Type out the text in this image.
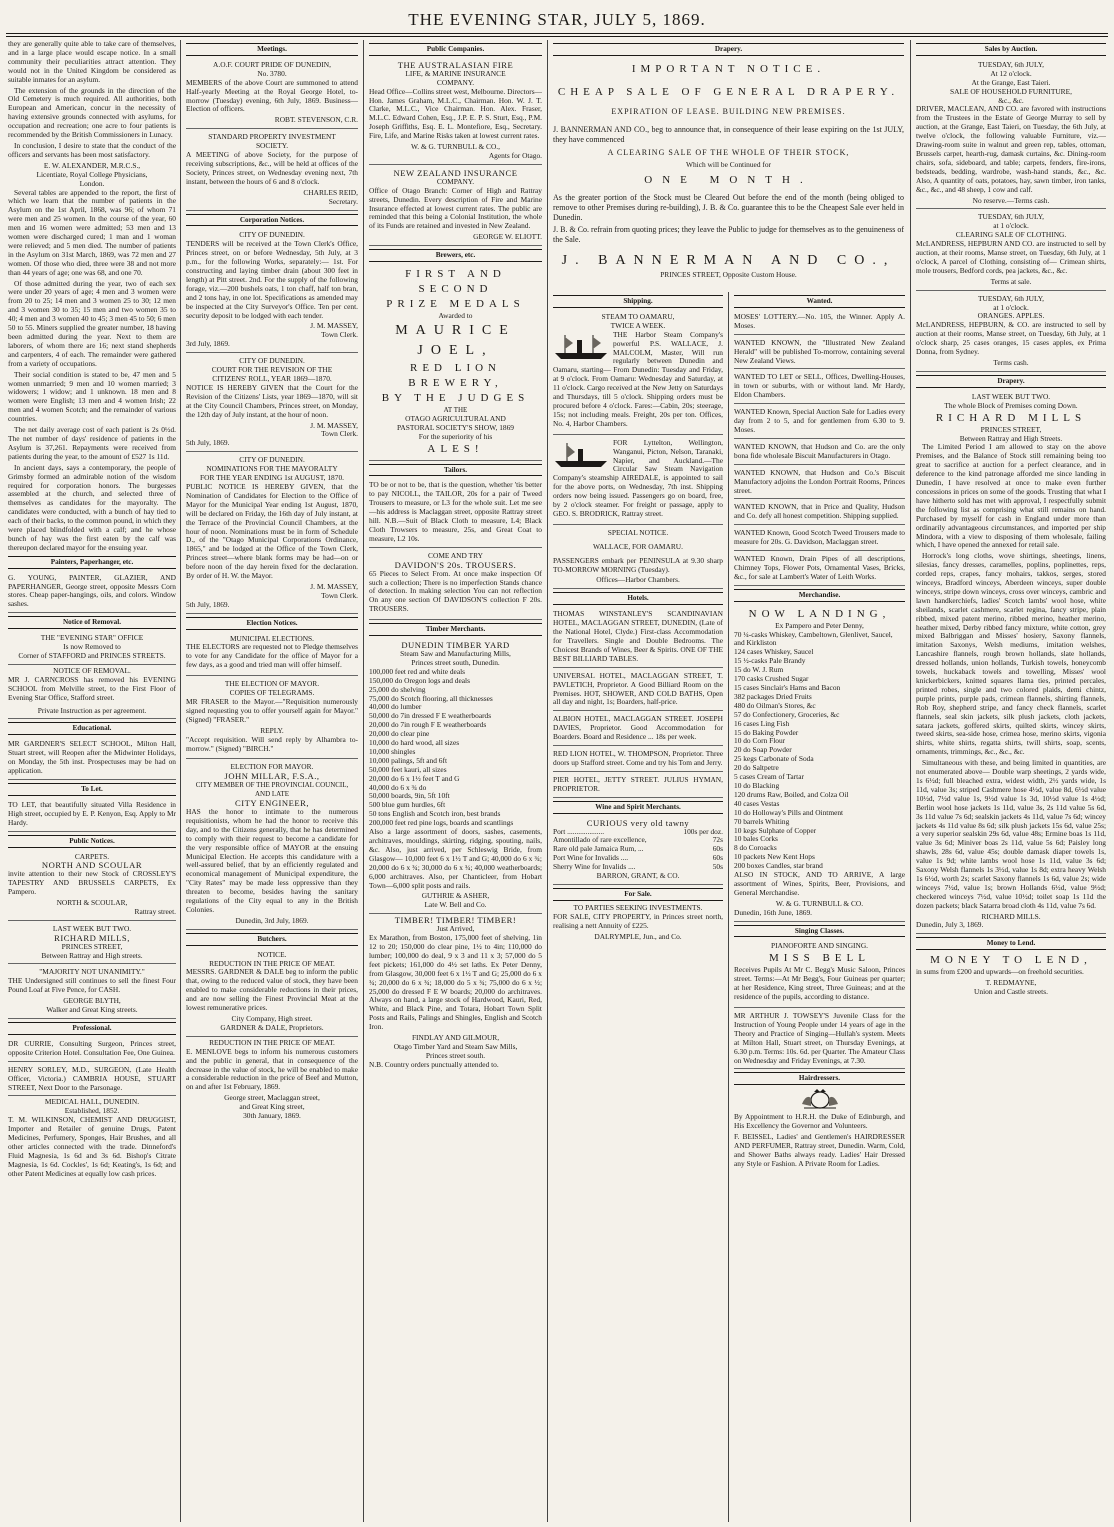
THE EVENING STAR, JULY 5, 1869.

they are generally quite able to take care of themselves, and in a large place would escape notice. In a small community their peculiarities attract attention. They would not in the United Kingdom be considered as suitable inmates for an asylum.

The extension of the grounds in the direction of the Old Cemetery is much required. All authorities, both European and American, concur in the necessity of having extensive grounds connected with asylums, for occupation and recreation; one acre to four patients is recommended by the British Commissioners in Lunacy.

In conclusion, I desire to state that the conduct of the officers and servants has been most satisfactory.

E. W. ALEXANDER, M.R.C.S.,
Licentiate, Royal College Physicians,
London.

Several tables are appended to the report, the first of which we learn that the number of patients in the Asylum on the 1st April, 1868, was 96; of whom 71 were men and 25 women. In the course of the year, 60 men and 16 women were admitted; 53 men and 13 women were discharged cured; 1 man and 1 woman were relieved; and 5 men died. The number of patients in the Asylum on 31st March, 1869, was 72 men and 27 women. Of those who died, three were 38 and not more than 44 years of age; one was 68, and one 70.

Of those admitted during the year, two of each sex were under 20 years of age; 4 men and 3 women were from 20 to 25; 14 men and 3 women 25 to 30; 12 men and 3 women 30 to 35; 15 men and two women 35 to 40; 4 men and 3 women 40 to 45; 3 men 45 to 50; 6 men 50 to 55. Miners supplied the greater number, 18 having been admitted during the year. Next to them are laborers, of whom there are 16; next stand shepherds and carpenters, 4 of each. The remainder were gathered from a variety of occupations.

Their social condition is stated to be, 47 men and 5 women unmarried; 9 men and 10 women married; 3 widowers; 1 widow; and 1 unknown. 18 men and 8 women were English; 13 men and 4 women Irish; 22 men and 4 women Scotch; and the remainder of various countries.

The net daily average cost of each patient is 2s 0½d. The net number of days' residence of patients in the Asylum is 37,261. Repayments were received from patients during the year, to the amount of £527 1s 11d.

In ancient days, says a contemporary, the people of Grimsby formed an admirable notion of the wisdom required for corporation honors. The burgesses assembled at the church, and selected three of themselves as candidates for the mayoralty. The candidates were conducted, with a bunch of hay tied to each of their backs, to the common pound, in which they were placed blindfolded with a calf; and he whose bunch of hay was the first eaten by the calf was thereupon declared mayor for the ensuing year.

Painters, Paperhanger, etc.

G. YOUNG, PAINTER, GLAZIER, AND PAPERHANGER, George street, opposite Messrs Corn stores. Cheap paper-hangings, oils, and colors. Window sashes.

Notice of Removal.
THE "EVENING STAR" OFFICE
Is now Removed to
Corner of STAFFORD and PRINCES STREETS.
NOTICE OF REMOVAL.

MR J. CARNCROSS has removed his EVENING SCHOOL from Melville street, to the First Floor of Evening Star Office, Stafford street.

Private Instruction as per agreement.
Educational.

MR GARDNER'S SELECT SCHOOL, Milton Hall, Stuart street, will Reopen after the Midwinter Holidays, on Monday, the 5th inst. Prospectuses may be had on application.

To Let.

TO LET, that beautifully situated Villa Residence in High street, occupied by E. P. Kenyon, Esq. Apply to Mr Hardy.

Public Notices.
CARPETS.
NORTH AND SCOULAR

invite attention to their new Stock of CROSSLEY'S TAPESTRY AND BRUSSELS CARPETS, Ex Pampero.

NORTH & SCOULAR,
Rattray street.
LAST WEEK BUT TWO.
RICHARD MILLS,
PRINCES STREET,
Between Rattray and High streets.
"MAJORITY NOT UNANIMITY."

THE Undersigned still continues to sell the finest Four Pound Loaf at Five Pence, for CASH.

GEORGE BLYTH,
Walker and Great King streets.
Professional.

DR CURRIE, Consulting Surgeon, Princes street, opposite Criterion Hotel. Consultation Fee, One Guinea.

HENRY SORLEY, M.D., SURGEON, (Late Health Officer, Victoria.) CAMBRIA HOUSE, STUART STREET, Next Door to the Parsonage.

MEDICAL HALL, DUNEDIN.
Established, 1852.

T. M. WILKINSON, CHEMIST AND DRUGGIST, Importer and Retailer of genuine Drugs, Patent Medicines, Perfumery, Sponges, Hair Brushes, and all other articles connected with the trade. Dinneford's Fluid Magnesia, 1s 6d and 3s 6d. Bishop's Citrate Magnesia, 1s 6d. Cockles', 1s 6d; Keating's, 1s 6d; and other Patent Medicines at equally low cash prices.

Meetings.
A.O.F. COURT PRIDE OF DUNEDIN,
No. 3780.

MEMBERS of the above Court are summoned to attend Half-yearly Meeting at the Royal George Hotel, to-morrow (Tuesday) evening, 6th July, 1869. Business—Election of officers.

ROBT. STEVENSON, C.R.
STANDARD PROPERTY INVESTMENT
SOCIETY.

A MEETING of above Society, for the purpose of receiving subscriptions, &c., will be held at offices of the Society, Princes street, on Wednesday evening next, 7th instant, between the hours of 6 and 8 o'clock.

CHARLES REID,
Secretary.
Corporation Notices.
CITY OF DUNEDIN.

TENDERS will be received at the Town Clerk's Office, Princes street, on or before Wednesday, 5th July, at 3 p.m., for the following Works, separately:— 1st. For constructing and laying timber drain (about 300 feet in length) at Pitt street. 2nd. For the supply of the following forage, viz.—200 bushels oats, 1 ton chaff, half ton bran, and 2 tons hay, in one lot. Specifications as amended may be inspected at the City Surveyor's Office. Ten per cent. security deposit to be lodged with each tender.

J. M. MASSEY,
Town Clerk.
3rd July, 1869.
CITY OF DUNEDIN.
COURT FOR THE REVISION OF THE
CITIZENS' ROLL, YEAR 1869—1870.

NOTICE IS HEREBY GIVEN that the Court for the Revision of the Citizens' Lists, year 1869—1870, will sit at the City Council Chambers, Princes street, on Monday, the 12th day of July instant, at the hour of noon.

J. M. MASSEY,
Town Clerk.
5th July, 1869.
CITY OF DUNEDIN.
NOMINATIONS FOR THE MAYORALTY
FOR THE YEAR ENDING 1st AUGUST, 1870.

PUBLIC NOTICE IS HEREBY GIVEN, that the Nomination of Candidates for Election to the Office of Mayor for the Municipal Year ending 1st August, 1870, will be declared on Friday, the 16th day of July instant, at the Terrace of the Provincial Council Chambers, at the hour of noon. Nominations must be in form of Schedule D., of the "Otago Municipal Corporations Ordinance, 1865," and be lodged at the Office of the Town Clerk, Princes street—where blank forms may be had—on or before noon of the day herein fixed for the declaration. By order of H. W. the Mayor.

J. M. MASSEY,
Town Clerk.
5th July, 1869.
Election Notices.
MUNICIPAL ELECTIONS.

THE ELECTORS are requested not to Pledge themselves to vote for any Candidate for the office of Mayor for a few days, as a good and tried man will offer himself.

THE ELECTION OF MAYOR.
COPIES OF TELEGRAMS.

MR FRASER to the Mayor.—"Requisition numerously signed requesting you to offer yourself again for Mayor." (Signed) "FRASER."

REPLY.

"Accept requisition. Will send reply by Alhambra to-morrow." (Signed) "BIRCH."

ELECTION FOR MAYOR.
JOHN MILLAR, F.S.A.,
CITY MEMBER OF THE PROVINCIAL COUNCIL,
AND LATE
CITY ENGINEER,

HAS the honor to intimate to the numerous requisitionists, whom he had the honor to receive this day, and to the Citizens generally, that he has determined to comply with their request to become a candidate for the very responsible office of MAYOR at the ensuing Municipal Election. He accepts this candidature with a well-assured belief, that by an efficiently regulated and economical management of Municipal expenditure, the "City Rates" may be made less oppressive than they threaten to become, besides having the sanitary regulations of the City equal to any in the British Colonies.

Dunedin, 3rd July, 1869.
Butchers.
NOTICE.
REDUCTION IN THE PRICE OF MEAT.

MESSRS. GARDNER & DALE beg to inform the public that, owing to the reduced value of stock, they have been enabled to make considerable reductions in their prices, and are now selling the Finest Provincial Meat at the lowest remunerative prices.

City Company, High street.
GARDNER & DALE, Proprietors.
REDUCTION IN THE PRICE OF MEAT.

E. MENLOVE begs to inform his numerous customers and the public in general, that in consequence of the decrease in the value of stock, he will be enabled to make a considerable reduction in the price of Beef and Mutton, on and after 1st February, 1869.

George street, Maclaggan street,
and Great King street,
30th January, 1869.
Public Companies.
THE AUSTRALASIAN FIRE
LIFE, & MARINE INSURANCE
COMPANY.

Head Office—Collins street west, Melbourne. Directors—Hon. James Graham, M.L.C., Chairman. Hon. W. J. T. Clarke, M.L.C., Vice Chairman. Hon. Alex. Fraser, M.L.C. Edward Cohen, Esq., J.P. E. P. S. Sturt, Esq., P.M. Joseph Griffiths, Esq. E. L. Montefiore, Esq., Secretary. Fire, Life, and Marine Risks taken at lowest current rates.

W. & G. TURNBULL & CO.,
Agents for Otago.
NEW ZEALAND INSURANCE
COMPANY.

Office of Otago Branch: Corner of High and Rattray streets, Dunedin. Every description of Fire and Marine Insurance effected at lowest current rates. The public are reminded that this being a Colonial Institution, the whole of its Funds are retained and invested in New Zealand.

GEORGE W. ELIOTT.
Brewers, etc.
FIRST AND SECOND
PRIZE MEDALS
Awarded to
MAURICE JOEL,
RED LION BREWERY,
BY THE JUDGES
AT THE
OTAGO AGRICULTURAL AND
PASTORAL SOCIETY'S SHOW, 1869
For the superiority of his
ALES!
Tailors.

TO be or not to be, that is the question, whether 'tis better to pay NICOLL, the TAILOR, 20s for a pair of Tweed Trousers to measure, or L3 for the whole suit. Let me see—his address is Maclaggan street, opposite Rattray street hill. N.B.—Suit of Black Cloth to measure, L4; Black Cloth Trowsers to measure, 25s, and Great Coat to measure, L2 10s.

COME AND TRY
DAVIDON'S 20s. TROUSERS.

65 Pieces to Select From. At once make inspection Of such a collection; There is no imperfection Stands chance of detection. In making selection You can not reflection On any one section Of DAVIDSON'S collection F 20s. TROUSERS.

Timber Merchants.
DUNEDIN TIMBER YARD
Steam Saw and Manufacturing Mills,
Princes street south, Dunedin.
100,000 feet red and white deals
150,000 do Oregon logs and deals
25,000 do shelving
75,000 do Scotch flooring, all thicknesses
40,000 do lumber
50,000 do 7in dressed F E weatherboards
20,000 do 7in rough F E weatherboards
20,000 do clear pine
10,000 do hard wood, all sizes
10,000 shingles
10,000 palings, 5ft and 6ft
50,000 feet kauri, all sizes
20,000 do 6 x 1½ feet T and G
40,000 do 6 x ¾ do
50,000 boards, 9in, 5ft 10ft
500 blue gum hurdles, 6ft
50 tons English and Scotch iron, best brands
200,000 feet red pine logs, boards and scantlings

Also a large assortment of doors, sashes, casements, architraves, mouldings, skirting, ridging, spouting, nails, &c. Also, just arrived, per Schleswig Bride, from Glasgow— 10,000 feet 6 x 1½ T and G; 40,000 do 6 x ¾; 20,000 do 6 x ¾; 30,000 do 6 x ¾; 40,000 weatherboards; 6,000 architraves. Also, per Chanticleer, from Hobart Town—6,000 split posts and rails.

GUTHRIE & ASHER,
Late W. Bell and Co.
TIMBER! TIMBER! TIMBER!
Just Arrived,

Ex Marathon, from Boston, 175,000 feet of shelving, 1in 12 to 20; 150,000 do clear pine, 1½ to 4in; 110,000 do lumber; 100,000 do deal, 9 x 3 and 11 x 3; 57,000 do 5 feet pickets; 161,000 do 4½ set laths. Ex Peter Denny, from Glasgow, 30,000 feet 6 x 1½ T and G; 25,000 do 6 x ¾; 20,000 do 6 x ¾; 18,000 do 5 x ¾; 75,000 do 6 x ½; 25,000 do dressed F E W boards; 20,000 do architraves. Always on hand, a large stock of Hardwood, Kauri, Red, White, and Black Pine, and Totara, Hobart Town Split Posts and Rails, Palings and Shingles, English and Scotch Iron.

FINDLAY AND GILMOUR,
Otago Timber Yard and Steam Saw Mills,
Princes street south.
N.B. Country orders punctually attended to.
Drapery.
IMPORTANT NOTICE.
CHEAP SALE OF GENERAL DRAPERY.
EXPIRATION OF LEASE. BUILDING NEW PREMISES.

J. BANNERMAN AND CO., beg to announce that, in consequence of their lease expiring on the 1st JULY, they have commenced

A CLEARING SALE OF THE WHOLE OF THEIR STOCK,
Which will be Continued for
ONE MONTH.

As the greater portion of the Stock must be Cleared Out before the end of the month (being obliged to remove to other Premises during re-building), J. B. & Co. guarantee this to be the Cheapest Sale ever held in Dunedin.

J. B. & Co. refrain from quoting prices; they leave the Public to judge for themselves as to the genuineness of the Sale.

J. BANNERMAN AND CO.,
PRINCES STREET, Opposite Custom House.
Shipping.
STEAM TO OAMARU,
TWICE A WEEK.

THE Harbor Steam Company's powerful P.S. WALLACE, J. MALCOLM, Master, Will run regularly between Dunedin and Oamaru, starting— From Dunedin: Tuesday and Friday, at 9 o'clock. From Oamaru: Wednesday and Saturday, at 11 o'clock. Cargo received at the New Jetty on Saturdays and Thursdays, till 5 o'clock. Shipping orders must be procured before 4 o'clock. Fares:—Cabin, 20s; steerage, 15s; not including meals. Freight, 20s per ton. Offices, No. 4, Harbor Chambers.

FOR Lyttelton, Wellington, Wanganui, Picton, Nelson, Taranaki, Napier, and Auckland.—The Circular Saw Steam Navigation Company's steamship AIREDALE, is appointed to sail for the above ports, on Wednesday, 7th inst. Shipping orders now being issued. Passengers go on board, free, by 2 o'clock steamer. For freight or passage, apply to GEO. S. BRODRICK, Rattray street.

SPECIAL NOTICE.
WALLACE, FOR OAMARU.

PASSENGERS embark per PENINSULA at 9.30 sharp TO-MORROW MORNING (Tuesday).

Offices—Harbor Chambers.
Hotels.

THOMAS WINSTANLEY'S SCANDINAVIAN HOTEL, MACLAGGAN STREET, DUNEDIN, (Late of the National Hotel, Clyde.) First-class Accommodation for Travellers. Single and Double Bedrooms. The Choicest Brands of Wines, Beer & Spirits. ONE OF THE BEST BILLIARD TABLES.

UNIVERSAL HOTEL, MACLAGGAN STREET, T. PAVLETICH, Proprietor. A Good Billiard Room on the Premises. HOT, SHOWER, AND COLD BATHS, Open all day and night, 1s; Boarders, half-price.

ALBION HOTEL, MACLAGGAN STREET. JOSEPH DAVIES, Proprietor. Good Accommodation for Boarders. Board and Residence ... 18s per week.

RED LION HOTEL, W. THOMPSON, Proprietor. Three doors up Stafford street. Come and try his Tom and Jerry.

PIER HOTEL, JETTY STREET. JULIUS HYMAN, PROPRIETOR.

Wine and Spirit Merchants.
CURIOUS very old tawny
Port ....................	100s per doz.
Amontillado of rare excellence,	72s
Rare old pale Jamaica Rum, ...	60s
Port Wine for Invalids ....	60s
Sherry Wine for Invalids ....	50s
BARRON, GRANT, & CO.
For Sale.
TO PARTIES SEEKING INVESTMENTS.

FOR SALE, CITY PROPERTY, in Princes street north, realising a nett Annuity of £225.

DALRYMPLE, Jun., and Co.
Wanted.

MOSES' LOTTERY.—No. 105, the Winner. Apply A. Moses.

WANTED KNOWN, the "Illustrated New Zealand Herald" will be published To-morrow, containing several New Zealand Views.

WANTED TO LET or SELL, Offices, Dwelling-Houses, in town or suburbs, with or without land. Mr Hardy, Eldon Chambers.

WANTED Known, Special Auction Sale for Ladies every day from 2 to 5, and for gentlemen from 6.30 to 9. Moses.

WANTED KNOWN, that Hudson and Co. are the only bona fide wholesale Biscuit Manufacturers in Otago.

WANTED KNOWN, that Hudson and Co.'s Biscuit Manufactory adjoins the London Portrait Rooms, Princes street.

WANTED KNOWN, that in Price and Quality, Hudson and Co. defy all honest competition. Shipping supplied.

WANTED Known, Good Scotch Tweed Trousers made to measure for 20s. G. Davidson, Maclaggan street.

WANTED Known, Drain Pipes of all descriptions, Chimney Tops, Flower Pots, Ornamental Vases, Bricks, &c., for sale at Lambert's Water of Leith Works.

Merchandise.
NOW LANDING,
Ex Pampero and Peter Denny,
70 ¼-casks Whiskey, Cambeltown, Glenlivet, Saucel, and Kirkliston
124 cases Whiskey, Saucel
15 ½-casks Pale Brandy
15 do W. J. Rum
170 casks Crushed Sugar
15 cases Sinclair's Hams and Bacon
382 packages Dried Fruits
480 do Oilman's Stores, &c
57 do Confectionery, Groceries, &c
16 cases Ling Fish
15 do Baking Powder
10 do Corn Flour
20 do Soap Powder
25 kegs Carbonate of Soda
20 do Saltpetre
5 cases Cream of Tartar
10 do Blacking
120 drums Raw, Boiled, and Colza Oil
40 cases Vestas
10 do Holloway's Pills and Ointment
70 barrels Whiting
10 kegs Sulphate of Copper
10 bales Corks
8 do Coroacks
10 packets New Kent Hops
200 boxes Candles, star brand

ALSO IN STOCK, AND TO ARRIVE, A large assortment of Wines, Spirits, Beer, Provisions, and General Merchandise.

W. & G. TURNBULL & CO.
Dunedin, 16th June, 1869.
Singing Classes.
PIANOFORTE AND SINGING.
MISS BELL

Receives Pupils At Mr C. Begg's Music Saloon, Princes street. Terms:—At Mr Begg's, Four Guineas per quarter; at her Residence, King street, Three Guineas; and at the residence of the pupils, according to distance.

MR ARTHUR J. TOWSEY'S Juvenile Class for the Instruction of Young People under 14 years of age in the Theory and Practice of Singing—Hullah's system. Meets at Milton Hall, Stuart street, on Thursday Evenings, at 6.30 p.m. Terms: 10s. 6d. per Quarter. The Amateur Class on Wednesday and Friday Evenings, at 7.30.

Hairdressers.

By Appointment to H.R.H. the Duke of Edinburgh, and His Excellency the Governor and Volunteers.

F. BEISSEL, Ladies' and Gentlemen's HAIRDRESSER AND PERFUMER, Rattray street, Dunedin. Warm, Cold, and Shower Baths always ready. Ladies' Hair Dressed any Style or Fashion. A Private Room for Ladies.

Sales by Auction.
TUESDAY, 6th JULY,
At 12 o'clock.
At the Grange, East Taieri.
SALE OF HOUSEHOLD FURNITURE,
&c., &c.

DRIVER, MACLEAN, AND CO. are favored with instructions from the Trustees in the Estate of George Murray to sell by auction, at the Grange, East Taieri, on Tuesday, the 6th July, at twelve o'clock, the following valuable Furniture, viz.— Drawing-room suite in walnut and green rep, tables, ottoman, Brussels carpet, hearth-rug, damask curtains, &c. Dining-room chairs, sofa, sideboard, and table; carpets, fenders, fire-irons, bedsteads, bedding, wardrobe, wash-hand stands, &c., &c. Also, A quantity of oats, potatoes, hay, sawn timber, iron tanks, &c., &c., and 48 sheep, 1 cow and calf.

No reserve.—Terms cash.
TUESDAY, 6th JULY,
at 1 o'clock.
CLEARING SALE OF CLOTHING.

McLANDRESS, HEPBURN AND CO. are instructed to sell by auction, at their rooms, Manse street, on Tuesday, 6th July, at 1 o'clock, A parcel of Clothing, consisting of— Crimean shirts, mole trousers, Bedford cords, pea jackets, &c., &c.

Terms at sale.
TUESDAY, 6th JULY,
at 1 o'clock.
ORANGES. APPLES.

McLANDRESS, HEPBURN, & CO. are instructed to sell by auction at their rooms, Manse street, on Tuesday, 6th July, at 1 o'clock sharp, 25 cases oranges, 15 cases apples, ex Prima Donna, from Sydney.

Terms cash.
Drapery.
LAST WEEK BUT TWO.
The whole Block of Premises coming Down.
RICHARD MILLS
PRINCES STREET,
Between Rattray and High Streets.

The Limited Period I am allowed to stay on the above Premises, and the Balance of Stock still remaining being too great to sacrifice at auction for a perfect clearance, and in deference to the kind patronage afforded me since landing in Dunedin, I have resolved at once to make even further concessions in prices on some of the goods. Trusting that what I have hitherto sold has met with approval, I respectfully submit the following list as comprising what still remains on hand. Purchased by myself for cash in England under more than ordinarily advantageous circumstances, and imported per ship Mindora, with a view to disposing of them wholesale, failing which, I have opened the annexed for retail sale.

Horrock's long cloths, wove shirtings, sheetings, linens, silesias, fancy dresses, caramelles, poplins, poplinettes, reps, corded reps, crapes, fancy mohairs, takkos, serges, stored winceys, Bradford winceys, Aberdeen winceys, super double winceys, stripe down winceys, cross over winceys, cambric and lawn handkerchiefs, ladies' Scotch lambs' wool hose, white sheilands, scarlet cashmere, scarlet regina, fancy stripe, plain ribbed, mixed patent merino, ribbed merino, heather merino, heather mixed, Derby ribbed fancy mixture, white cotton, grey mixed Balbriggan and Misses' hosiery, Saxony flannels, imitation Saxonys, Welsh mediums, imitation welshes, Lancashire flannels, rough brown hollands, slate hollands, dressed hollands, union hollands, Turkish towels, honeycomb towels, huckaback towels and towelling, Misses' wool knickerbickers, knitted squares llama ties, printed percales, printed robes, single and two colored plaids, demi chintz, purple prints, purple pads, crimean flannels, shirting flannels, Rob Roy, shepherd stripe, and fancy check flannels, scarlet flannels, seal skin jackets, silk plush jackets, cloth jackets, satara jackets, goffered skirts, quilted skirts, wincey skirts, tweed skirts, sea-side hose, crimea hose, merino skirts, vigonia shirts, white shirts, regatta shirts, twill shirts, soap, scents, ornaments, trimmings, &c., &c., &c.

Simultaneous with these, and being limited in quantities, are not enumerated above— Double warp sheetings, 2 yards wide, 1s 6½d; full bleached extra, widest width, 2½ yards wide, 1s 11d, value 3s; striped Cashmere hose 4½d, value 8d, 6½d value 10½d, 7½d value 1s, 9½d value 1s 3d, 10½d value 1s 4½d; Berlin wool hose jackets 1s 11d, value 3s, 2s 11d value 5s 6d, 3s 11d value 7s 6d; sealskin jackets 4s 11d, value 7s 6d; wincey jackets 4s 11d value 8s 6d; silk plush jackets 15s 6d, value 25s; a very superior sealskin 29s 6d, value 48s; Ermine boas 1s 11d, value 3s 6d; Miniver boas 2s 11d, value 5s 6d; Paisley long shawls, 28s 6d, value 45s; double damask diaper towels 1s, value 1s 9d; white lambs wool hose 1s 11d, value 3s 6d; Saxony Welsh flannels 1s 3½d, value 1s 8d; extra heavy Welsh 1s 6½d, worth 2s; scarlet Saxony flannels 1s 6d, value 2s; wide winceys 7½d, value 1s; brown Hollands 6½d, value 9½d; checkered winceys 7½d, value 10½d; toilet soap 1s 11d the dozen packets; black Satarra broad cloth 4s 11d, value 7s 6d.

RICHARD MILLS.
Dunedin, July 3, 1869.
Money to Lend.
MONEY TO LEND,

in sums from £200 and upwards—on freehold securities.

T. REDMAYNE,
Union and Castle streets.
